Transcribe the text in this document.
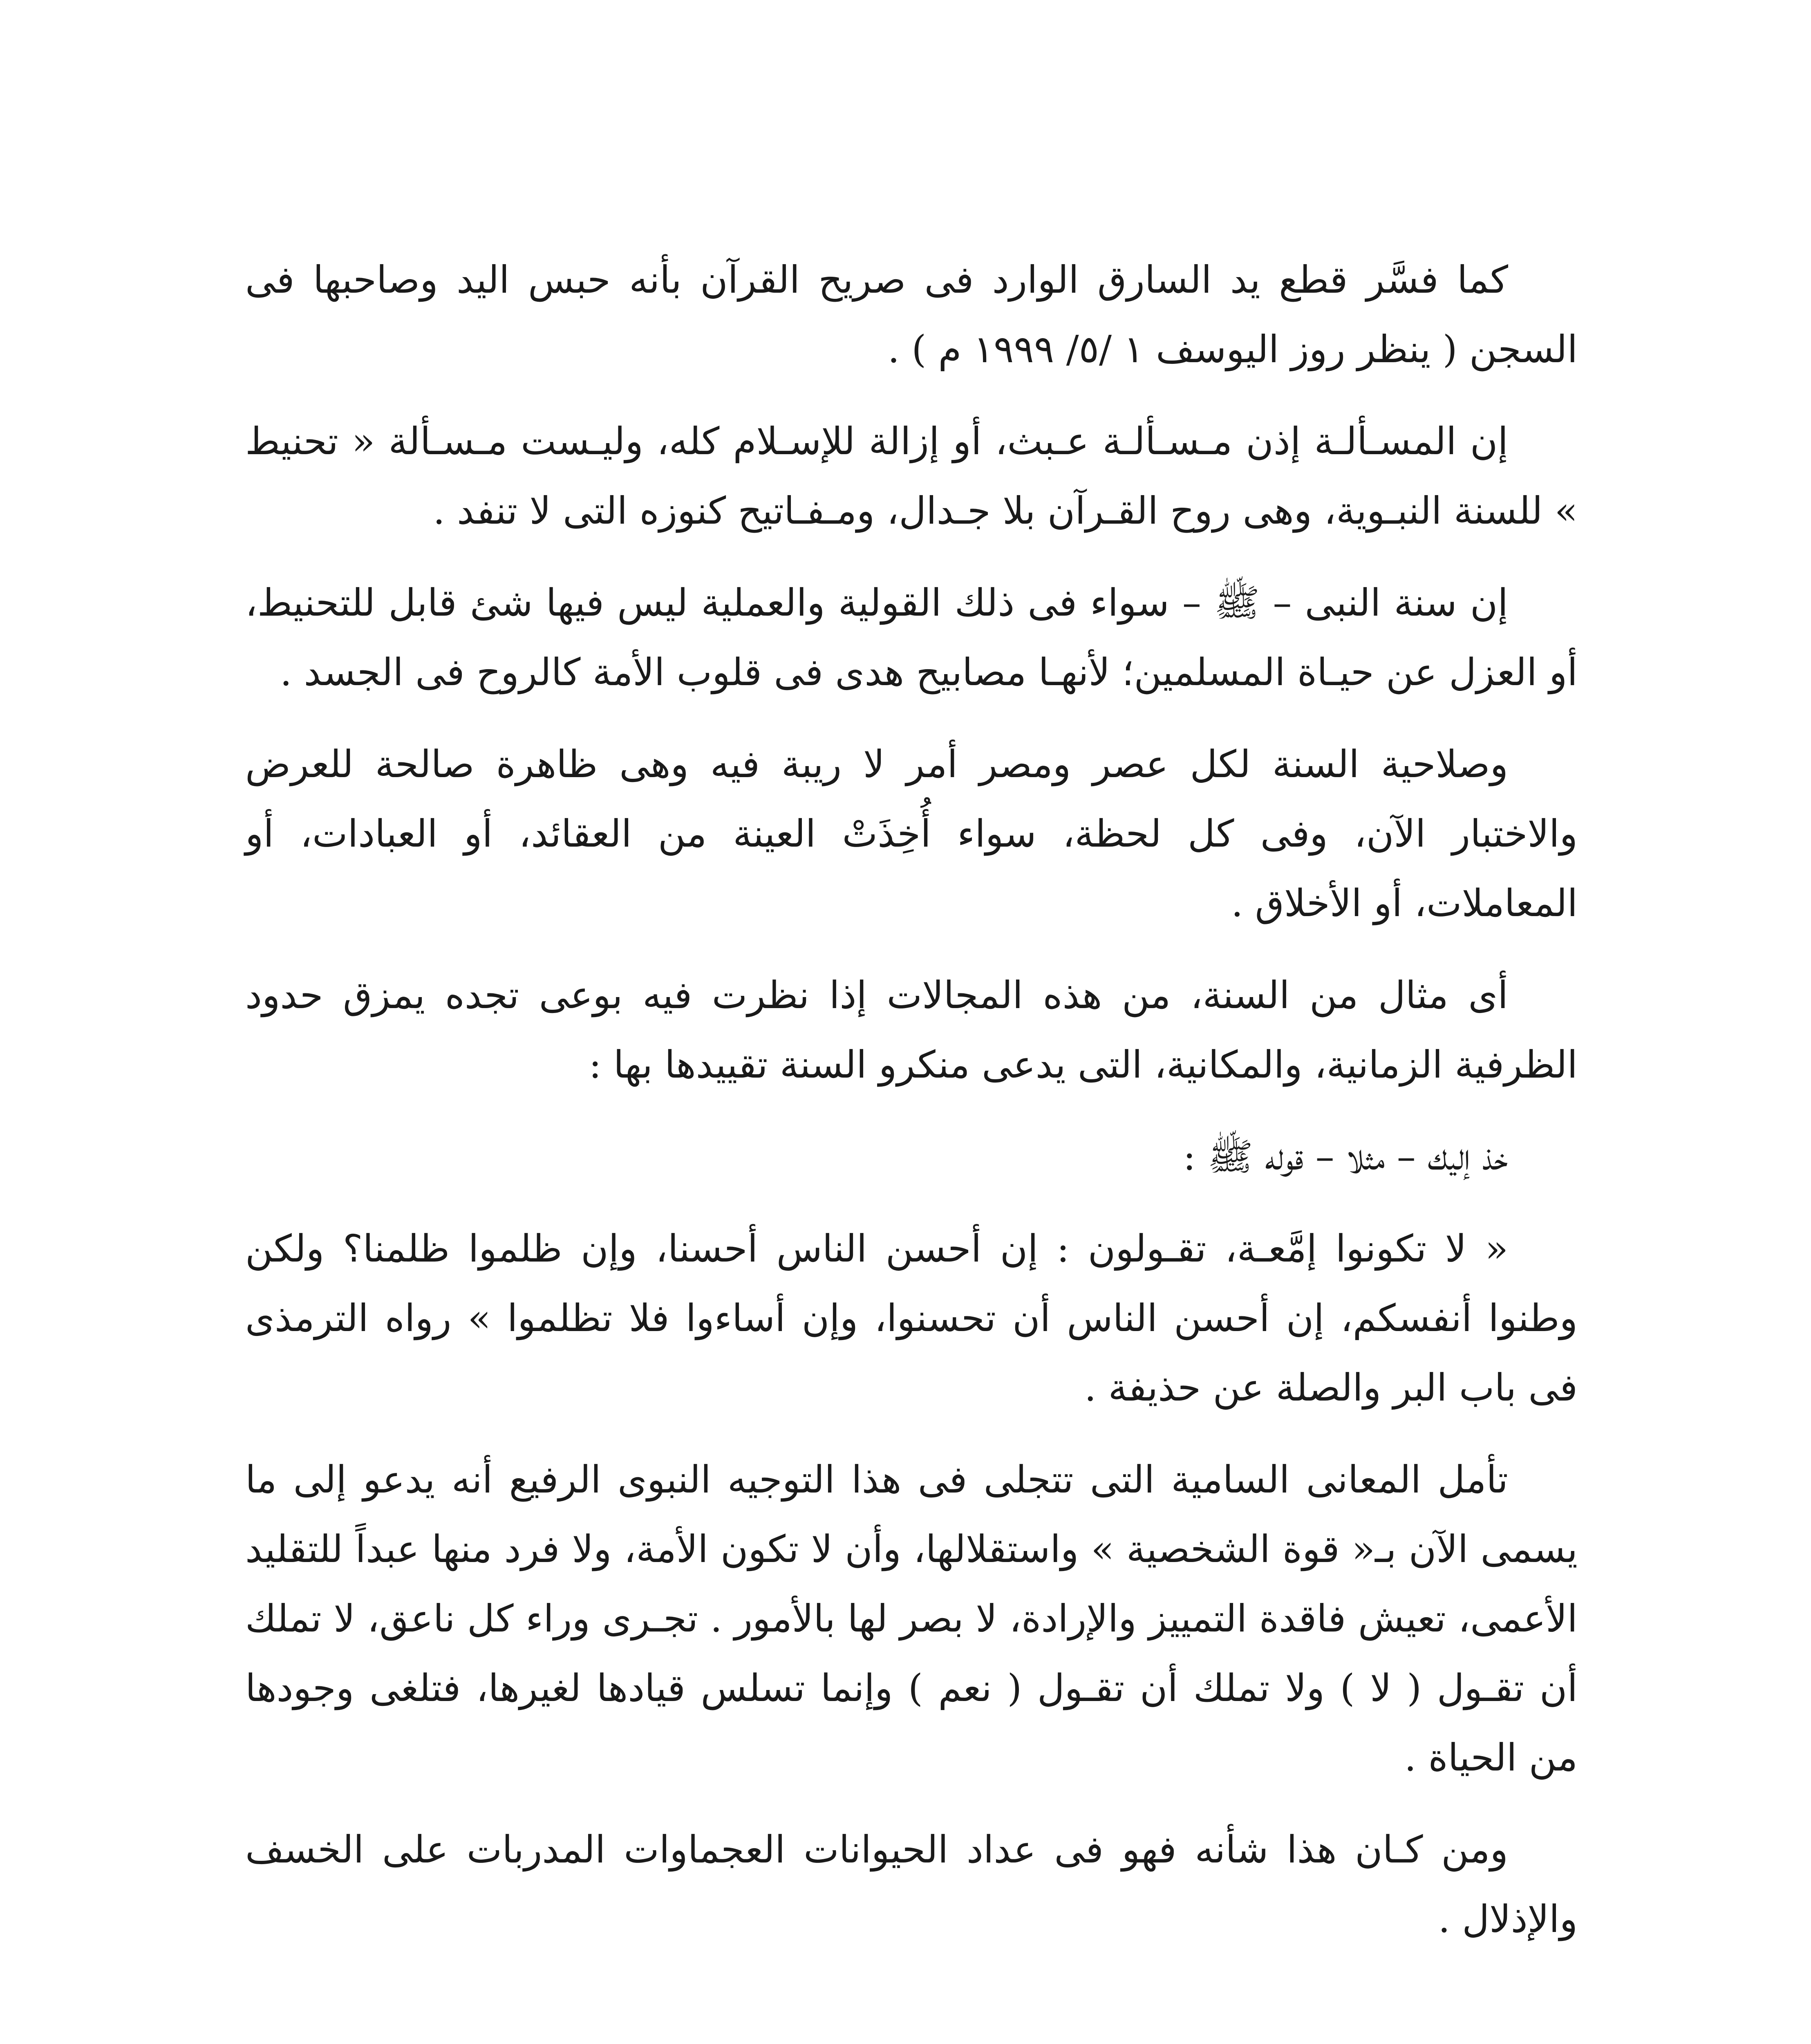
كما فسَّر قطع يد السارق الوارد فى صريح القرآن بأنه حبس اليد وصاحبها فى السجن ( ينظر روز اليوسف ١ /٥/ ١٩٩٩ م ) .

إن المسـألـة إذن مـسـألـة عـبث، أو إزالة للإسـلام كله، وليـست مـسـألة « تحنيط » للسنة النبـوية، وهى روح القـرآن بلا جـدال، ومـفـاتيح كنوزه التى لا تنفد .

إن سنة النبى – ﷺ – سواء فى ذلك القولية والعملية ليس فيها شئ قابل للتحنيط، أو العزل عن حيـاة المسلمين؛ لأنهـا مصابيح هدى فى قلوب الأمة كالروح فى الجسد .

وصلاحية السنة لكل عصر ومصر أمر لا ريبة فيه وهى ظاهرة صالحة للعرض والاختبار الآن، وفى كل لحظة، سواء أُخِذَتْ العينة من العقائد، أو العبادات، أو المعاملات، أو الأخلاق .

أى مثال من السنة، من هذه المجالات إذا نظرت فيه بوعى تجده يمزق حدود الظرفية الزمانية، والمكانية، التى يدعى منكرو السنة تقييدها بها :

خذ إليك – مثلا – قوله ﷺ :

« لا تكونوا إمَّعـة، تقـولون : إن أحسن الناس أحسنا، وإن ظلموا ظلمنا؟ ولكن وطنوا أنفسكم، إن أحسن الناس أن تحسنوا، وإن أساءوا فلا تظلموا » رواه الترمذى فى باب البر والصلة عن حذيفة .

تأمل المعانى السامية التى تتجلى فى هذا التوجيه النبوى الرفيع أنه يدعو إلى ما يسمى الآن بـ« قوة الشخصية » واستقلالها، وأن لا تكون الأمة، ولا فرد منها عبداً للتقليد الأعمى، تعيش فاقدة التمييز والإرادة، لا بصر لها بالأمور . تجـرى وراء كل ناعق، لا تملك أن تقـول ( لا ) ولا تملك أن تقـول ( نعم ) وإنما تسلس قيادها لغيرها، فتلغى وجودها من الحياة .

ومن كـان هذا شأنه فهو فى عداد الحيوانات العجماوات المدربات على الخسف والإذلال .
